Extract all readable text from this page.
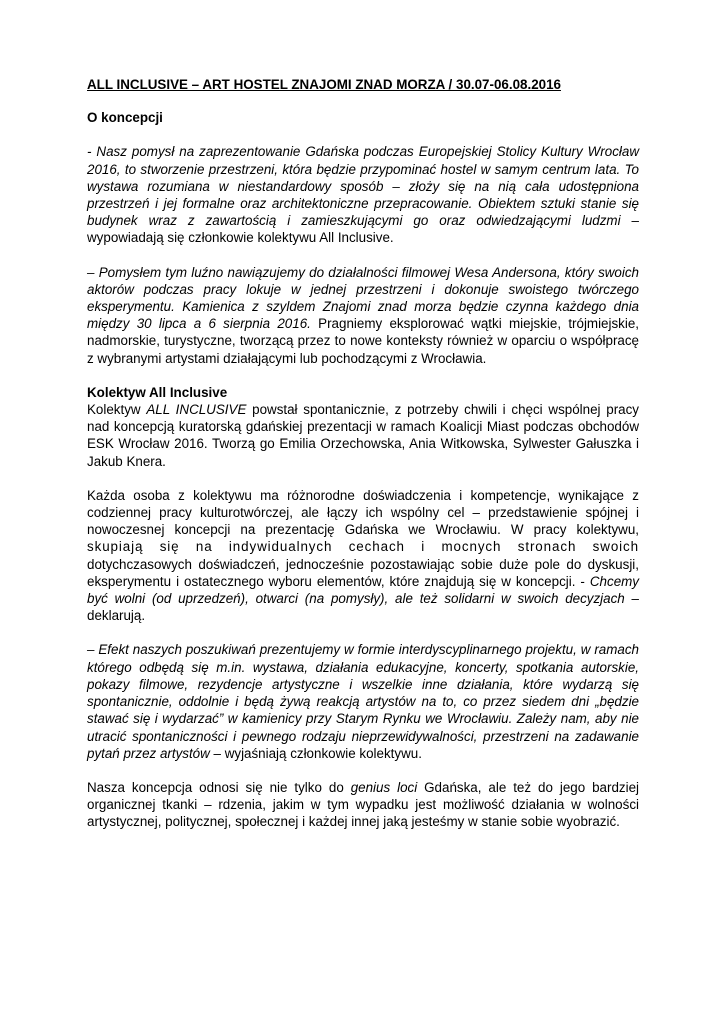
ALL INCLUSIVE – ART HOSTEL ZNAJOMI ZNAD MORZA / 30.07-06.08.2016
O koncepcji

- Nasz pomysł na zaprezentowanie Gdańska podczas Europejskiej Stolicy Kultury Wrocław 2016, to stworzenie przestrzeni, która będzie przypominać hostel w samym centrum lata. To wystawa rozumiana w niestandardowy sposób – złoży się na nią cała udostępniona przestrzeń i jej formalne oraz architektoniczne przepracowanie. Obiektem sztuki stanie się budynek wraz z zawartością i zamieszkującymi go oraz odwiedzającymi ludzmi – wypowiadają się członkowie kolektywu All Inclusive.

– Pomysłem tym luźno nawiązujemy do działalności filmowej Wesa Andersona, który swoich aktorów podczas pracy lokuje w jednej przestrzeni i dokonuje swoistego twórczego eksperymentu. Kamienica z szyldem Znajomi znad morza będzie czynna każdego dnia między 30 lipca a 6 sierpnia 2016. Pragniemy eksplorować wątki miejskie, trójmiejskie, nadmorskie, turystyczne, tworzącą przez to nowe konteksty również w oparciu o współpracę z wybranymi artystami działającymi lub pochodzącymi z Wrocławia.

Kolektyw All Inclusive

Kolektyw ALL INCLUSIVE powstał spontanicznie, z potrzeby chwili i chęci wspólnej pracy nad koncepcją kuratorską gdańskiej prezentacji w ramach Koalicji Miast podczas obchodów ESK Wrocław 2016. Tworzą go Emilia Orzechowska, Ania Witkowska, Sylwester Gałuszka i Jakub Knera.

Każda osoba z kolektywu ma różnorodne doświadczenia i kompetencje, wynikające z codziennej pracy kulturotwórczej, ale łączy ich wspólny cel – przedstawienie spójnej i nowoczesnej koncepcji na prezentację Gdańska we Wrocławiu. W pracy kolektywu, skupiają się na indywidualnych cechach i mocnych stronach swoich dotychczasowych doświadczeń, jednocześnie pozostawiając sobie duże pole do dyskusji, eksperymentu i ostatecznego wyboru elementów, które znajdują się w koncepcji. - Chcemy być wolni (od uprzedzeń), otwarci (na pomysły), ale też solidarni w swoich decyzjach – deklarują.

– Efekt naszych poszukiwań prezentujemy w formie interdyscyplinarnego projektu, w ramach którego odbędą się m.in. wystawa, działania edukacyjne, koncerty, spotkania autorskie, pokazy filmowe, rezydencje artystyczne i wszelkie inne działania, które wydarzą się spontanicznie, oddolnie i będą żywą reakcją artystów na to, co przez siedem dni „będzie stawać się i wydarzać” w kamienicy przy Starym Rynku we Wrocławiu. Zależy nam, aby nie utracić spontaniczności i pewnego rodzaju nieprzewidywalności, przestrzeni na zadawanie pytań przez artystów – wyjaśniają członkowie kolektywu.

Nasza koncepcja odnosi się nie tylko do genius loci Gdańska, ale też do jego bardziej organicznej tkanki – rdzenia, jakim w tym wypadku jest możliwość działania w wolności artystycznej, politycznej, społecznej i każdej innej jaką jesteśmy w stanie sobie wyobrazić.
